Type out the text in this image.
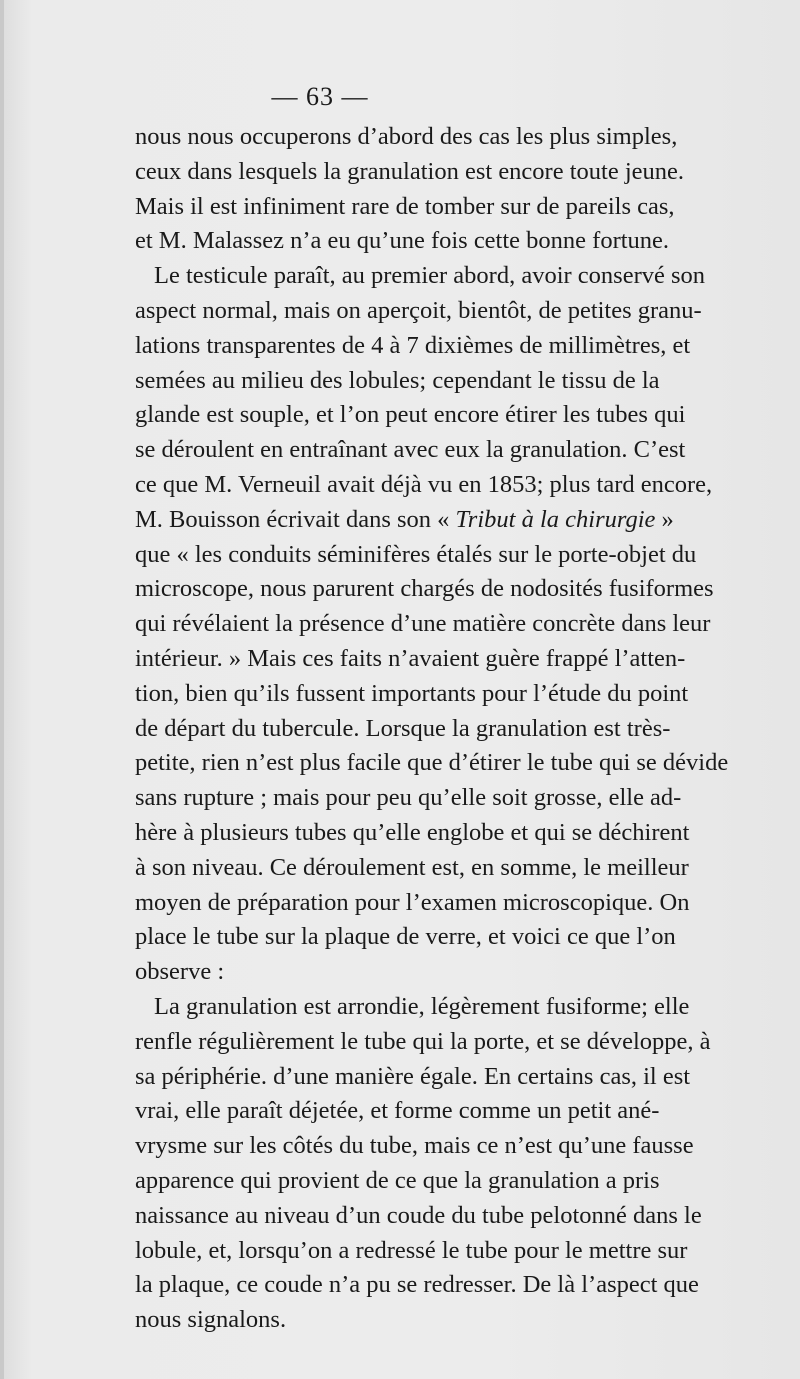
— 63 —
nous nous occuperons d’abord des cas les plus simples,
ceux dans lesquels la granulation est encore toute jeune.
Mais il est infiniment rare de tomber sur de pareils cas,
et M. Malassez n’a eu qu’une fois cette bonne fortune.
Le testicule paraît, au premier abord, avoir conservé son
aspect normal, mais on aperçoit, bientôt, de petites granu-
lations transparentes de 4 à 7 dixièmes de millimètres, et
semées au milieu des lobules; cependant le tissu de la
glande est souple, et l’on peut encore étirer les tubes qui
se déroulent en entraînant avec eux la granulation. C’est
ce que M. Verneuil avait déjà vu en 1853; plus tard encore,
M. Bouisson écrivait dans son « Tribut à la chirurgie »
que « les conduits séminifères étalés sur le porte-objet du
microscope, nous parurent chargés de nodosités fusiformes
qui révélaient la présence d’une matière concrète dans leur
intérieur. » Mais ces faits n’avaient guère frappé l’atten-
tion, bien qu’ils fussent importants pour l’étude du point
de départ du tubercule. Lorsque la granulation est très-
petite, rien n’est plus facile que d’étirer le tube qui se dévide
sans rupture ; mais pour peu qu’elle soit grosse, elle ad-
hère à plusieurs tubes qu’elle englobe et qui se déchirent
à son niveau. Ce déroulement est, en somme, le meilleur
moyen de préparation pour l’examen microscopique. On
place le tube sur la plaque de verre, et voici ce que l’on
observe :
La granulation est arrondie, légèrement fusiforme; elle
renfle régulièrement le tube qui la porte, et se développe, à
sa périphérie. d’une manière égale. En certains cas, il est
vrai, elle paraît déjetée, et forme comme un petit ané-
vrysme sur les côtés du tube, mais ce n’est qu’une fausse
apparence qui provient de ce que la granulation a pris
naissance au niveau d’un coude du tube pelotonné dans le
lobule, et, lorsqu’on a redressé le tube pour le mettre sur
la plaque, ce coude n’a pu se redresser. De là l’aspect que
nous signalons.
